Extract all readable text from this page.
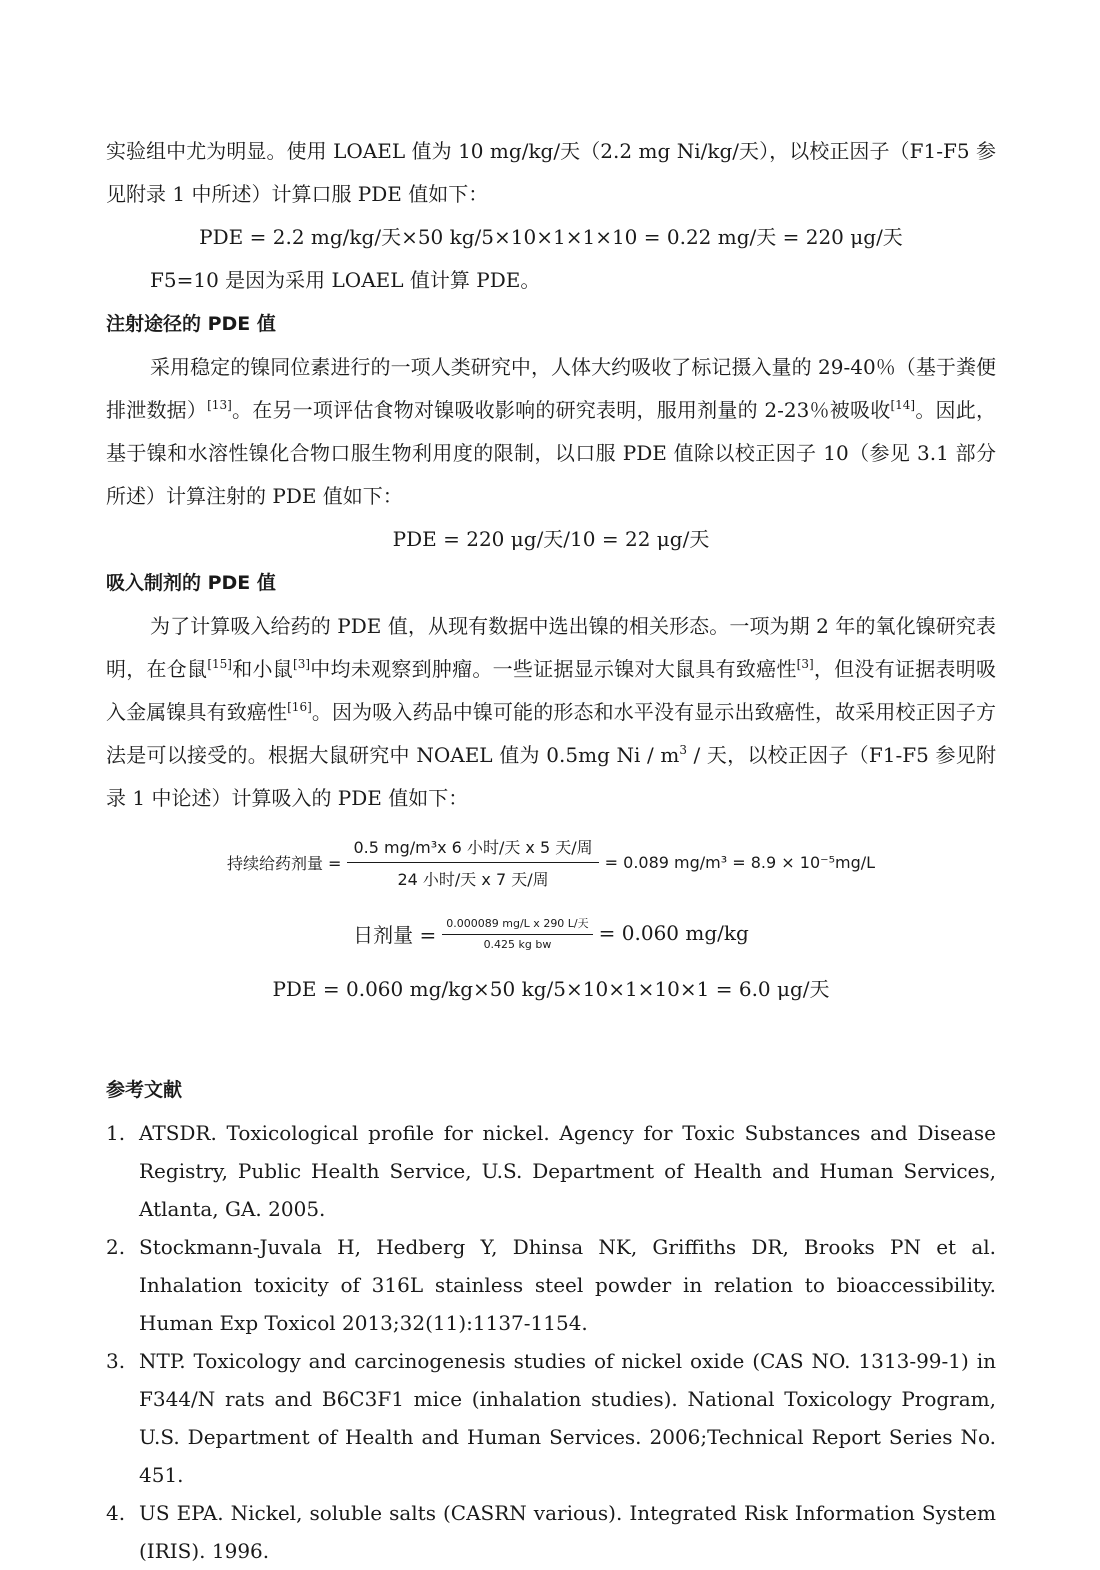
实验组中尤为明显。使用 LOAEL 值为 10 mg/kg/天（2.2 mg Ni/kg/天），以校正因子（F1-F5 参见附录 1 中所述）计算口服 PDE 值如下：

PDE = 2.2 mg/kg/天×50 kg/5×10×1×1×10 = 0.22 mg/天 = 220 μg/天

F5=10 是因为采用 LOAEL 值计算 PDE。

注射途径的 PDE 值

采用稳定的镍同位素进行的一项人类研究中，人体大约吸收了标记摄入量的 29-40％（基于粪便排泄数据）[13]。在另一项评估食物对镍吸收影响的研究表明，服用剂量的 2-23％被吸收[14]。因此，基于镍和水溶性镍化合物口服生物利用度的限制，以口服 PDE 值除以校正因子 10（参见 3.1 部分所述）计算注射的 PDE 值如下：

PDE = 220 μg/天/10 = 22 μg/天

吸入制剂的 PDE 值

为了计算吸入给药的 PDE 值，从现有数据中选出镍的相关形态。一项为期 2 年的氧化镍研究表明，在仓鼠[15]和小鼠[3]中均未观察到肿瘤。一些证据显示镍对大鼠具有致癌性[3]，但没有证据表明吸入金属镍具有致癌性[16]。因为吸入药品中镍可能的形态和水平没有显示出致癌性，故采用校正因子方法是可以接受的。根据大鼠研究中 NOAEL 值为 0.5mg Ni / $m^3$ / 天，以校正因子（F1-F5 参见附录 1 中论述）计算吸入的 PDE 值如下：

持续给药剂量 = $\frac{\text{0.5 mg/m³x 6 小时/天 x 5 天/周}}{\text{24 小时/天 x 7 天/周}} = 0.089$ mg/m³ = 8.9 × 10⁻⁵mg/L
日剂量 = $\frac{\text{0.000089 mg/L x 290 L/天}}{\text{0.425 kg bw}} = 0.060$ mg/kg

PDE = 0.060 mg/kg×50 kg/5×10×1×10×1 = 6.0 μg/天

参考文献

1. ATSDR. Toxicological profile for nickel. Agency for Toxic Substances and Disease Registry, Public Health Service, U.S. Department of Health and Human Services, Atlanta, GA. 2005.
2. Stockmann-Juvala H, Hedberg Y, Dhinsa NK, Griffiths DR, Brooks PN et al. Inhalation toxicity of 316L stainless steel powder in relation to bioaccessibility. Human Exp Toxicol 2013;32(11):1137-1154.
3. NTP. Toxicology and carcinogenesis studies of nickel oxide (CAS NO. 1313-99-1) in F344/N rats and B6C3F1 mice (inhalation studies). National Toxicology Program, U.S. Department of Health and Human Services. 2006;Technical Report Series No. 451.
4. US EPA. Nickel, soluble salts (CASRN various). Integrated Risk Information System (IRIS). 1996.
